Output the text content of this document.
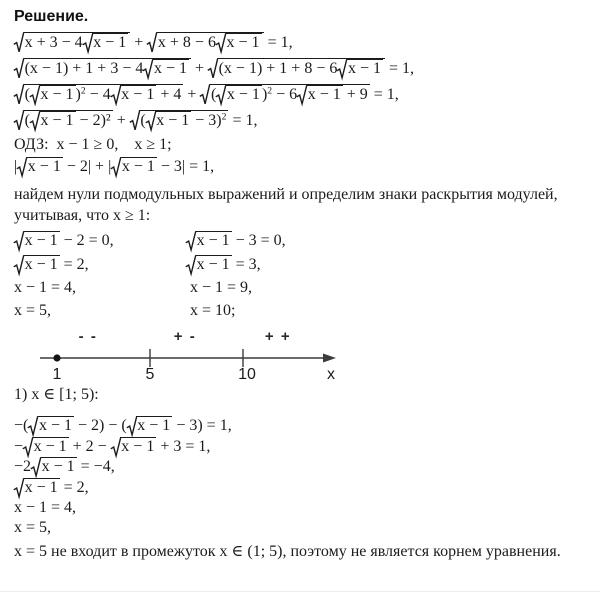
Решение.
x + 3 − 4 x − 1 +
x + 8 − 6 x − 1 = 1,
(x − 1) + 1 + 3 − 4 x − 1 +
(x − 1) + 1 + 8 − 6 x − 1 = 1,
( x − 1 )$^2$ − 4 x − 1 + 4 +
( x − 1 )$^2$ − 6 x − 1 + 9 = 1,
( x − 1 − 2)² +
( x − 1 − 3)$^2$ = 1,
ОДЗ:  x − 1 ≥ 0,    x ≥ 1;
| x − 1 − 2| + | x − 1 − 3| = 1,
найдем нули подмодульных выражений и определим знаки раскрытия модулей, учитывая, что x ≥ 1:
x − 1 − 2 = 0,	x − 1 − 3 = 0,
x − 1 = 2,	x − 1 = 3,
x − 1 = 4,	x − 1 = 9,
x = 5,	x = 10;
- -	+ -	+ +
1	5	10	x
1) x ∈ [1; 5):
−( x − 1 − 2) − ( x − 1 − 3) = 1,
− x − 1 + 2 −
x − 1 + 3 = 1,
−2 x − 1 = −4,
x − 1 = 2,
x − 1 = 4,
x = 5,
x = 5 не входит в промежуток x ∈ (1; 5), поэтому не является корнем уравнения.
